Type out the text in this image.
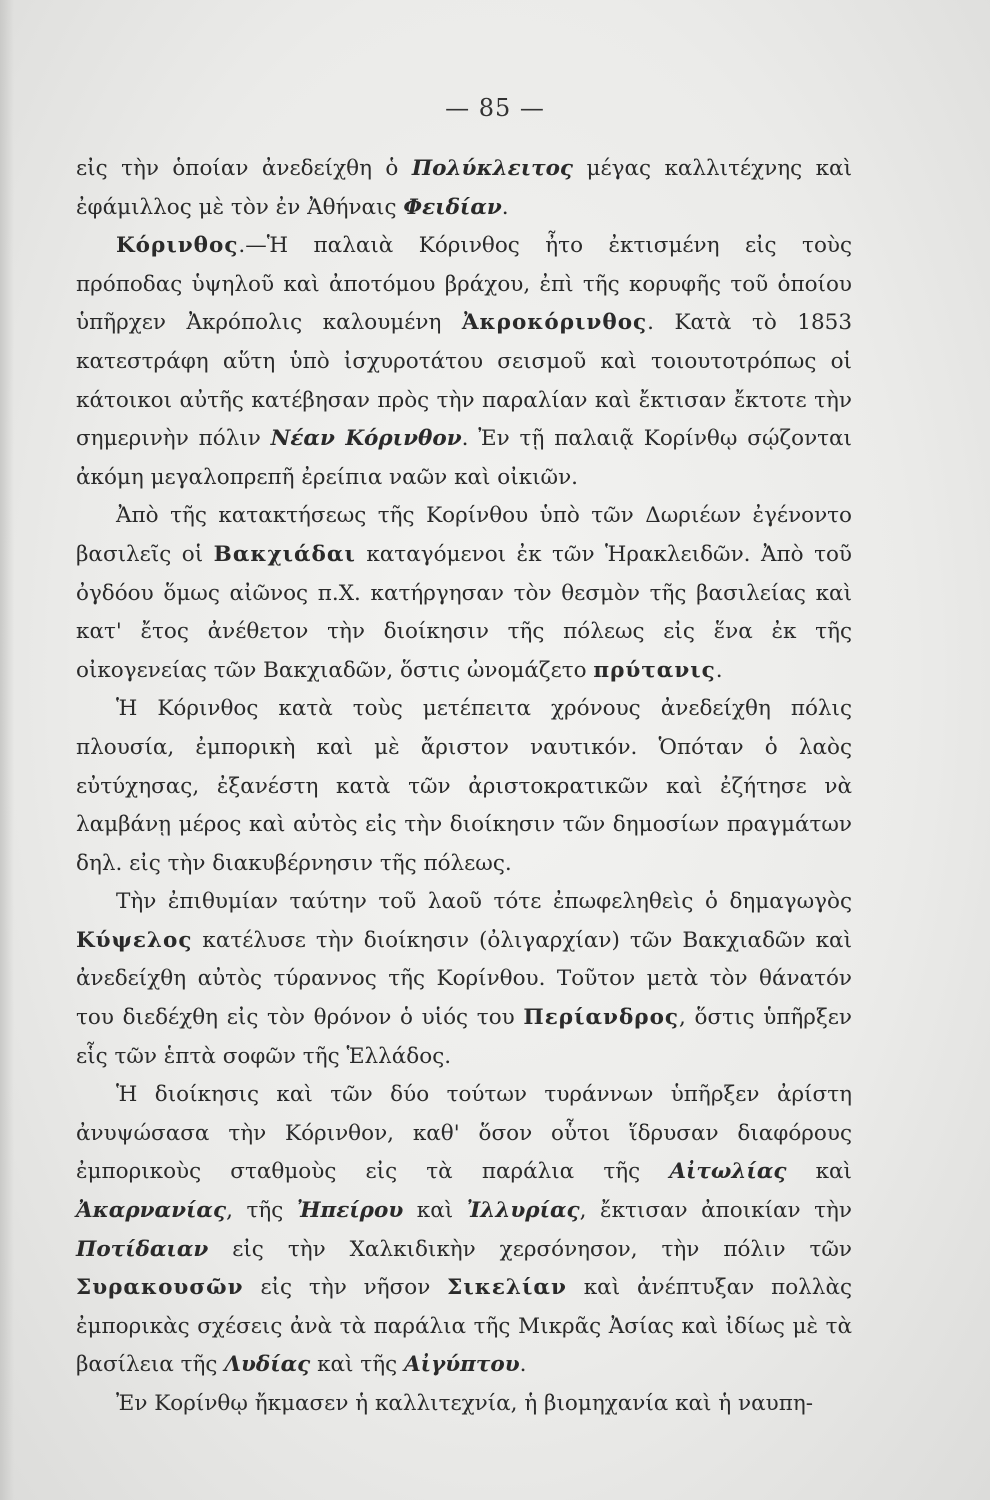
— 85 —

εἰς τὴν ὁποίαν ἀνεδείχθη ὁ Πολύκλειτος μέγας καλλιτέχνης καὶ ἐφάμιλλος μὲ τὸν ἐν Ἀθήναις Φειδίαν.

Κόρινθος.—Ἡ παλαιὰ Κόρινθος ἦτο ἐκτισμένη εἰς τοὺς πρόποδας ὑψηλοῦ καὶ ἀποτόμου βράχου, ἐπὶ τῆς κορυφῆς τοῦ ὁποίου ὑπῆρχεν Ἀκρόπολις καλουμένη Ἀκροκόρινθος. Κατὰ τὸ 1853 κατεστράφη αὕτη ὑπὸ ἰσχυροτάτου σεισμοῦ καὶ τοιουτοτρόπως οἱ κάτοικοι αὐτῆς κατέβησαν πρὸς τὴν παραλίαν καὶ ἔκτισαν ἔκτοτε τὴν σημερινὴν πόλιν Νέαν Κόρινθον. Ἐν τῇ παλαιᾷ Κορίνθῳ σῴζονται ἀκόμη μεγαλοπρεπῆ ἐρείπια ναῶν καὶ οἰκιῶν.

Ἀπὸ τῆς κατακτήσεως τῆς Κορίνθου ὑπὸ τῶν Δωριέων ἐγένοντο βασιλεῖς οἱ Βακχιάδαι καταγόμενοι ἐκ τῶν Ἡρακλειδῶν. Ἀπὸ τοῦ ὀγδόου ὅμως αἰῶνος π.Χ. κατήργησαν τὸν θεσμὸν τῆς βασιλείας καὶ κατ' ἔτος ἀνέθετον τὴν διοίκησιν τῆς πόλεως εἰς ἕνα ἐκ τῆς οἰκογενείας τῶν Βακχιαδῶν, ὅστις ὠνομάζετο πρύτανις.

Ἡ Κόρινθος κατὰ τοὺς μετέπειτα χρόνους ἀνεδείχθη πόλις πλουσία, ἐμπορικὴ καὶ μὲ ἄριστον ναυτικόν. Ὁπόταν ὁ λαὸς εὐτύχησας, ἐξανέστη κατὰ τῶν ἀριστοκρατικῶν καὶ ἐζήτησε νὰ λαμβάνῃ μέρος καὶ αὐτὸς εἰς τὴν διοίκησιν τῶν δημοσίων πραγμάτων δηλ. εἰς τὴν διακυβέρνησιν τῆς πόλεως.

Τὴν ἐπιθυμίαν ταύτην τοῦ λαοῦ τότε ἐπωφεληθεὶς ὁ δημαγωγὸς Κύψελος κατέλυσε τὴν διοίκησιν (ὀλιγαρχίαν) τῶν Βακχιαδῶν καὶ ἀνεδείχθη αὐτὸς τύραννος τῆς Κορίνθου. Τοῦτον μετὰ τὸν θάνατόν του διεδέχθη εἰς τὸν θρόνον ὁ υἱός του Περίανδρος, ὅστις ὑπῆρξεν εἷς τῶν ἑπτὰ σοφῶν τῆς Ἑλλάδος.

Ἡ διοίκησις καὶ τῶν δύο τούτων τυράννων ὑπῆρξεν ἀρίστη ἀνυψώσασα τὴν Κόρινθον, καθ' ὅσον οὗτοι ἵδρυσαν διαφόρους ἐμπορικοὺς σταθμοὺς εἰς τὰ παράλια τῆς Αἰτωλίας καὶ Ἀκαρνανίας, τῆς Ἠπείρου καὶ Ἰλλυρίας, ἔκτισαν ἀποικίαν τὴν Ποτίδαιαν εἰς τὴν Χαλκιδικὴν χερσόνησον, τὴν πόλιν τῶν Συρακουσῶν εἰς τὴν νῆσον Σικελίαν καὶ ἀνέπτυξαν πολλὰς ἐμπορικὰς σχέσεις ἀνὰ τὰ παράλια τῆς Μικρᾶς Ἀσίας καὶ ἰδίως μὲ τὰ βασίλεια τῆς Λυδίας καὶ τῆς Αἰγύπτου.

Ἐν Κορίνθῳ ἤκμασεν ἡ καλλιτεχνία, ἡ βιομηχανία καὶ ἡ ναυπη-
